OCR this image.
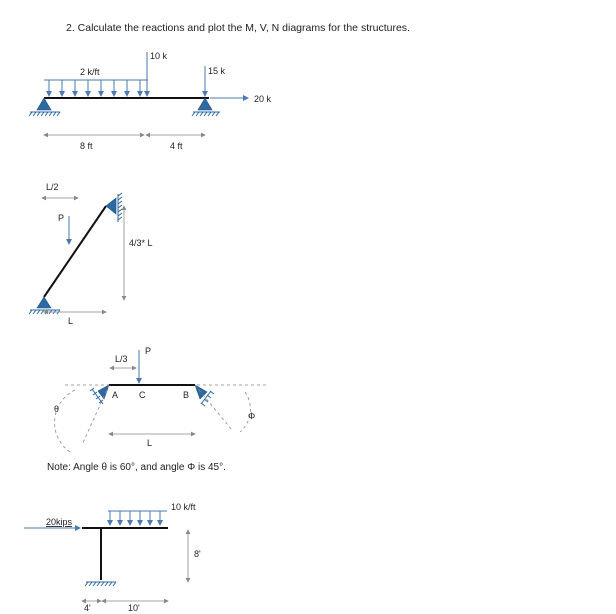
2. Calculate the reactions and plot the M, V, N diagrams for the structures.
2 k/ft
10 k
15 k
20 k
8 ft	4 ft
L/2
P
4/3* L
L
P
L/3
A C	B
θ
Φ
L
Note: Angle θ is 60°, and angle Φ is 45°.
10 k/ft
20kips
8'
4'	10'
